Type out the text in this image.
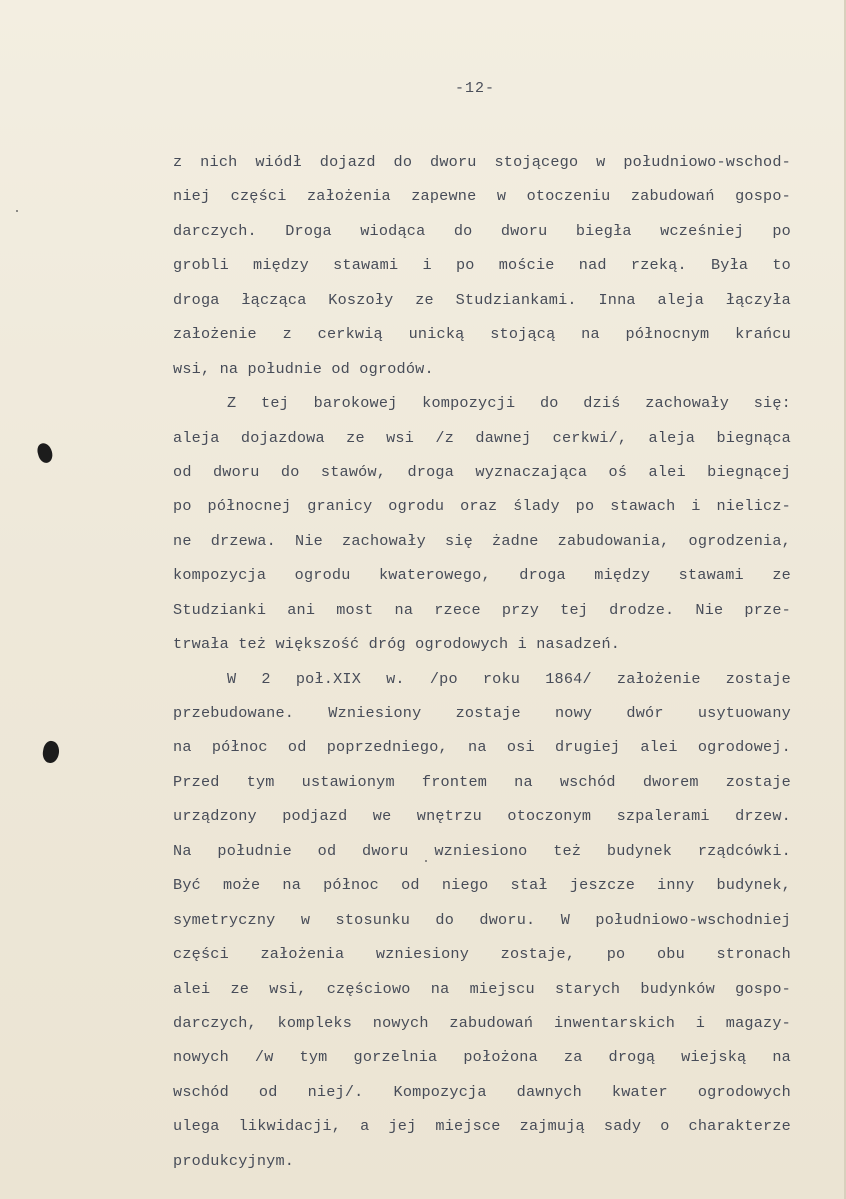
-12-
z nich wiódł dojazd do dworu stojącego w południowo-wschod-
niej części założenia zapewne w otoczeniu zabudowań gospo-
darczych. Droga wiodąca do dworu biegła wcześniej po
grobli między stawami i po moście nad rzeką. Była to
droga łącząca Koszoły ze Studziankami. Inna aleja łączyła
założenie z cerkwią unicką stojącą na północnym krańcu
wsi, na południe od ogrodów.
Z tej barokowej kompozycji do dziś zachowały się:
aleja dojazdowa ze wsi /z dawnej cerkwi/, aleja biegnąca
od dworu do stawów, droga wyznaczająca oś alei biegnącej
po północnej granicy ogrodu oraz ślady po stawach i nielicz-
ne drzewa. Nie zachowały się żadne zabudowania, ogrodzenia,
kompozycja ogrodu kwaterowego, droga między stawami ze
Studzianki ani most na rzece przy tej drodze. Nie prze-
trwała też większość dróg ogrodowych i nasadzeń.
W 2 poł.XIX w. /po roku 1864/ założenie zostaje
przebudowane. Wzniesiony zostaje nowy dwór usytuowany
na północ od poprzedniego, na osi drugiej alei ogrodowej.
Przed tym ustawionym frontem na wschód dworem zostaje
urządzony podjazd we wnętrzu otoczonym szpalerami drzew.
Na południe od dworu wzniesiono też budynek rządcówki.
Być może na północ od niego stał jeszcze inny budynek,
symetryczny w stosunku do dworu. W południowo-wschodniej
części założenia wzniesiony zostaje, po obu stronach
alei ze wsi, częściowo na miejscu starych budynków gospo-
darczych, kompleks nowych zabudowań inwentarskich i magazy-
nowych /w tym gorzelnia położona za drogą wiejską na
wschód od niej/. Kompozycja dawnych kwater ogrodowych
ulega likwidacji, a jej miejsce zajmują sady o charakterze
produkcyjnym.
